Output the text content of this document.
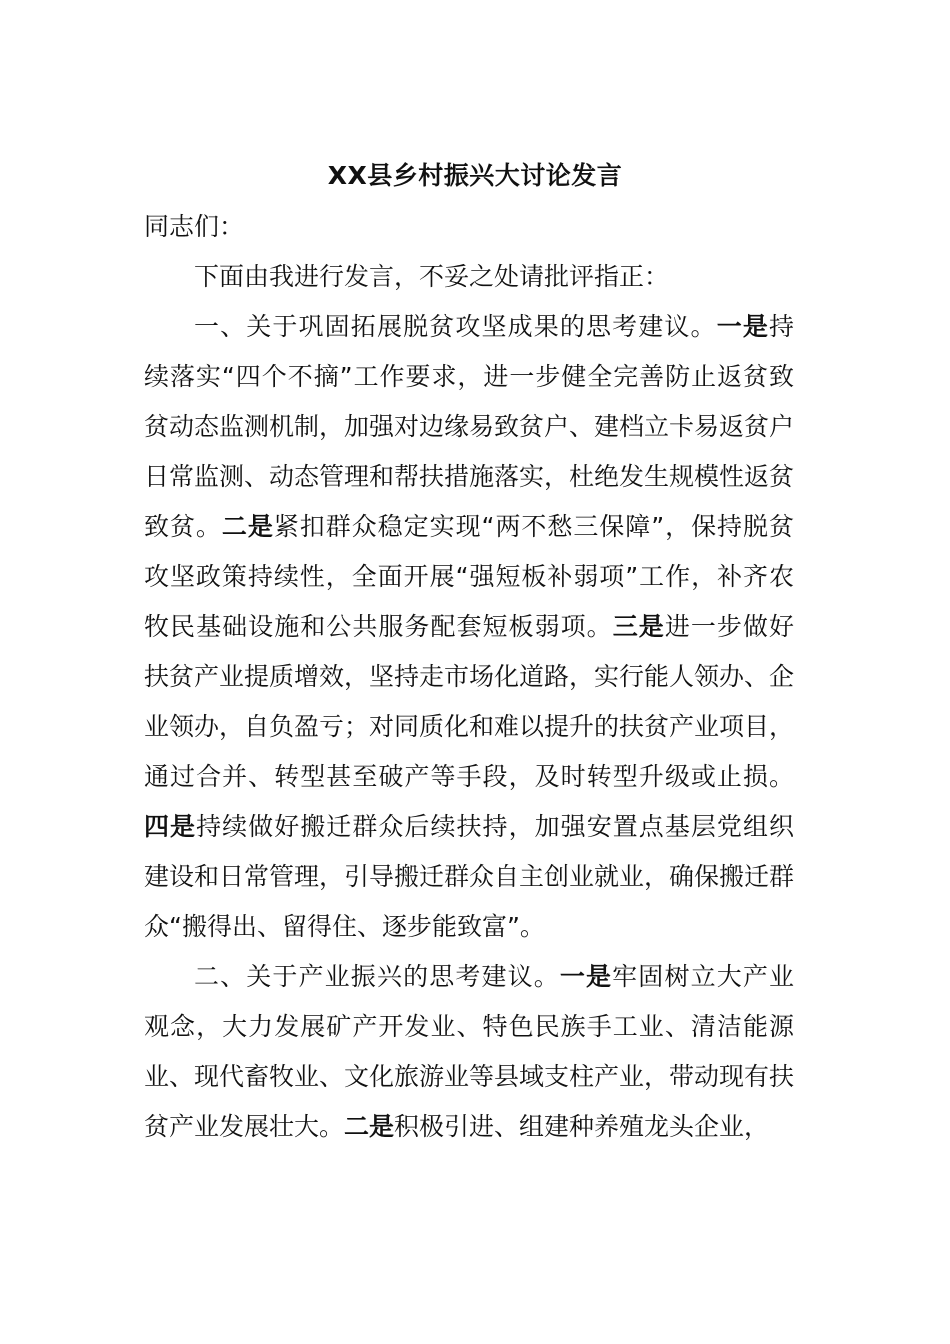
XX县乡村振兴大讨论发言

同志们：

下面由我进行发言，不妥之处请批评指正：

一、关于巩固拓展脱贫攻坚成果的思考建议。一是持续落实“四个不摘”工作要求，进一步健全完善防止返贫致贫动态监测机制，加强对边缘易致贫户、建档立卡易返贫户日常监测、动态管理和帮扶措施落实，杜绝发生规模性返贫致贫。二是紧扣群众稳定实现“两不愁三保障”，保持脱贫攻坚政策持续性，全面开展“强短板补弱项”工作，补齐农牧民基础设施和公共服务配套短板弱项。三是进一步做好扶贫产业提质增效，坚持走市场化道路，实行能人领办、企业领办，自负盈亏；对同质化和难以提升的扶贫产业项目，通过合并、转型甚至破产等手段，及时转型升级或止损。四是持续做好搬迁群众后续扶持，加强安置点基层党组织建设和日常管理，引导搬迁群众自主创业就业，确保搬迁群众“搬得出、留得住、逐步能致富”。

二、关于产业振兴的思考建议。一是牢固树立大产业观念，大力发展矿产开发业、特色民族手工业、清洁能源业、现代畜牧业、文化旅游业等县域支柱产业，带动现有扶贫产业发展壮大。二是积极引进、组建种养殖龙头企业，
